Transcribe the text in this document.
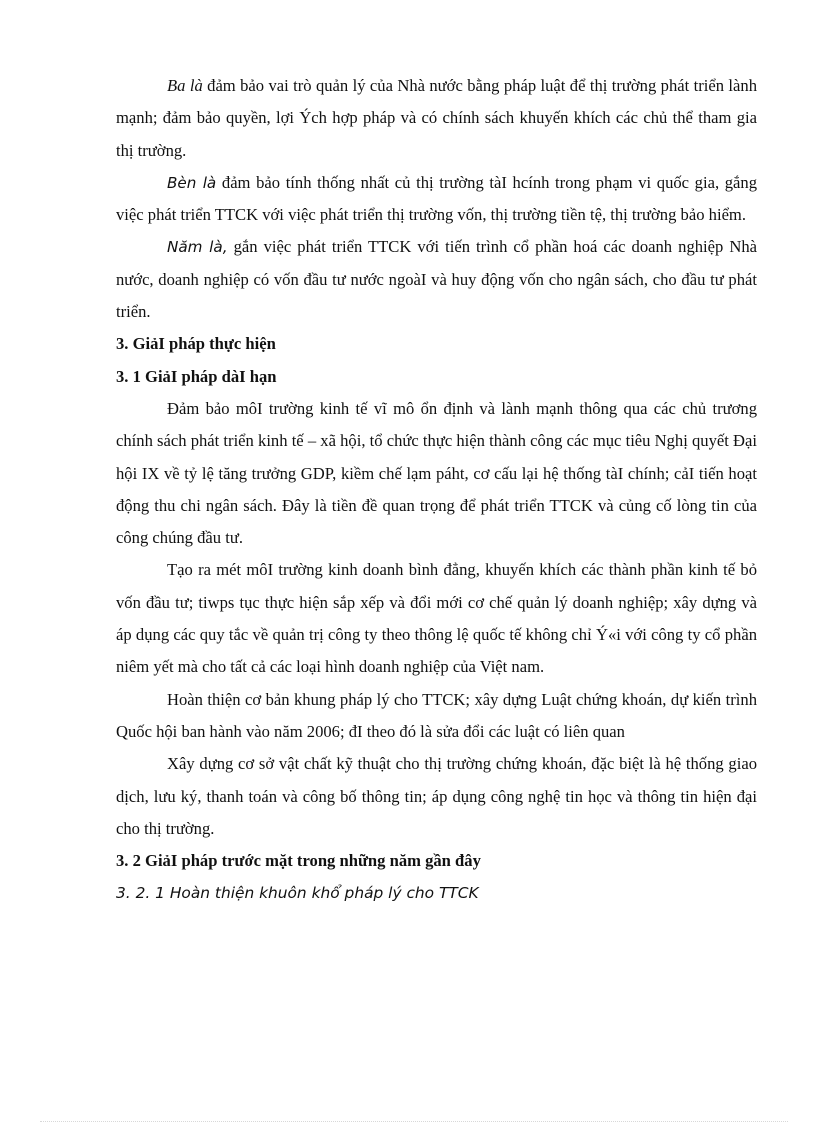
Ba là đảm bảo vai trò quản lý của Nhà nước bằng pháp luật để thị trường phát triển lành mạnh; đảm bảo quyền, lợi Ých hợp pháp và có chính sách khuyến khích các chủ thể tham gia thị trường.

Bèn là đảm bảo tính thống nhất củ thị trường tàI hcính trong phạm vi quốc gia, gắng việc phát triển TTCK với việc phát triển thị trường vốn, thị trường tiền tệ, thị trường bảo hiểm.

Năm là, gắn việc phát triển TTCK với tiến trình cổ phần hoá các doanh nghiệp Nhà nước, doanh nghiệp có vốn đầu tư nước ngoàI và huy động vốn cho ngân sách, cho đầu tư phát triển.

3. GiảI pháp thực hiện

3. 1 GiảI pháp dàI hạn

Đảm bảo môI trường kinh tế vĩ mô ổn định và lành mạnh thông qua các chủ trương chính sách phát triển kinh tế – xã hội, tổ chức thực hiện thành công các mục tiêu Nghị quyết Đại hội IX về tỷ lệ tăng trưởng GDP, kiềm chế lạm páht, cơ cấu lại hệ thống tàI chính; cảI tiến hoạt động thu chi ngân sách. Đây là tiền đề quan trọng để phát triển TTCK và củng cố lòng tin của công chúng đầu tư.

Tạo ra mét môI trường kinh doanh bình đẳng, khuyến khích các thành phần kinh tế bỏ vốn đầu tư; tiwps tục thực hiện sắp xếp và đổi mới cơ chế quản lý doanh nghiệp; xây dựng và áp dụng các quy tắc về quản trị công ty theo thông lệ quốc tế không chỉ Ý«i với công ty cổ phần niêm yết mà cho tất cả các loại hình doanh nghiệp của Việt nam.

Hoàn thiện cơ bản khung pháp lý cho TTCK; xây dựng Luật chứng khoán, dự kiến trình Quốc hội ban hành vào năm 2006; đI theo đó là sửa đổi các luật có liên quan

Xây dựng cơ sở vật chất kỹ thuật cho thị trường chứng khoán, đặc biệt là hệ thống giao dịch, lưu ký, thanh toán và công bố thông tin; áp dụng công nghệ tin học và thông tin hiện đại cho thị trường.

3. 2 GiảI pháp trước mặt trong những năm gần đây

3. 2. 1 Hoàn thiện khuôn khổ pháp lý cho TTCK
